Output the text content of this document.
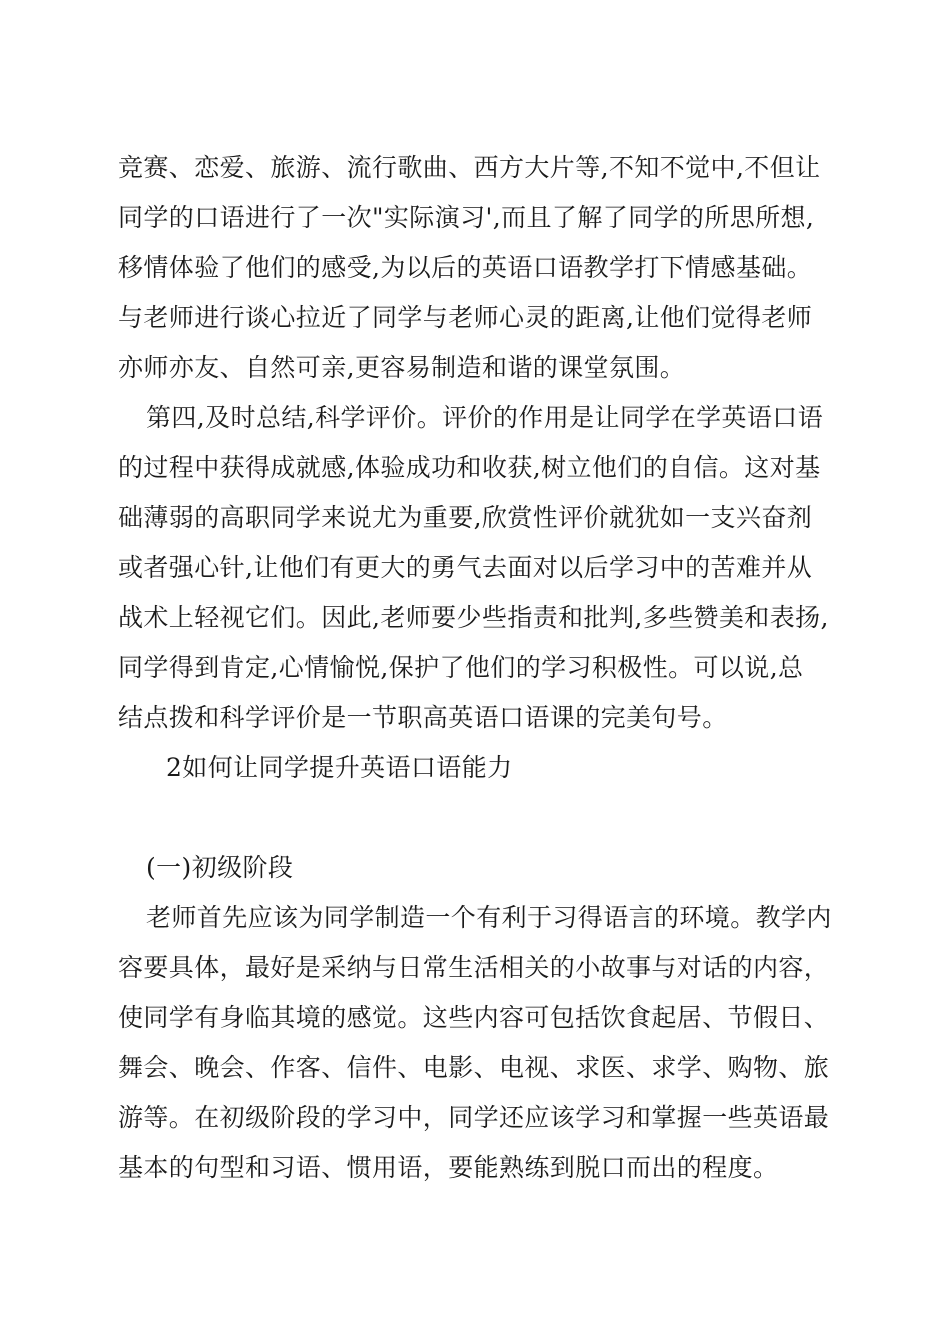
竞赛、恋爱、旅游、流行歌曲、西方大片等,不知不觉中,不但让
同学的口语进行了一次"实际演习',而且了解了同学的所思所想,
移情体验了他们的感受,为以后的英语口语教学打下情感基础。
与老师进行谈心拉近了同学与老师心灵的距离,让他们觉得老师
亦师亦友、自然可亲,更容易制造和谐的课堂氛围。
第四,及时总结,科学评价。评价的作用是让同学在学英语口语
的过程中获得成就感,体验成功和收获,树立他们的自信。这对基
础薄弱的高职同学来说尤为重要,欣赏性评价就犹如一支兴奋剂
或者强心针,让他们有更大的勇气去面对以后学习中的苦难并从
战术上轻视它们。因此,老师要少些指责和批判,多些赞美和表扬,
同学得到肯定,心情愉悦,保护了他们的学习积极性。可以说,总
结点拨和科学评价是一节职高英语口语课的完美句号。
2如何让同学提升英语口语能力
(一)初级阶段
老师首先应该为同学制造一个有利于习得语言的环境。教学内
容要具体，最好是采纳与日常生活相关的小故事与对话的内容，
使同学有身临其境的感觉。这些内容可包括饮食起居、节假日、
舞会、晚会、作客、信件、电影、电视、求医、求学、购物、旅
游等。在初级阶段的学习中，同学还应该学习和掌握一些英语最
基本的句型和习语、惯用语，要能熟练到脱口而出的程度。
